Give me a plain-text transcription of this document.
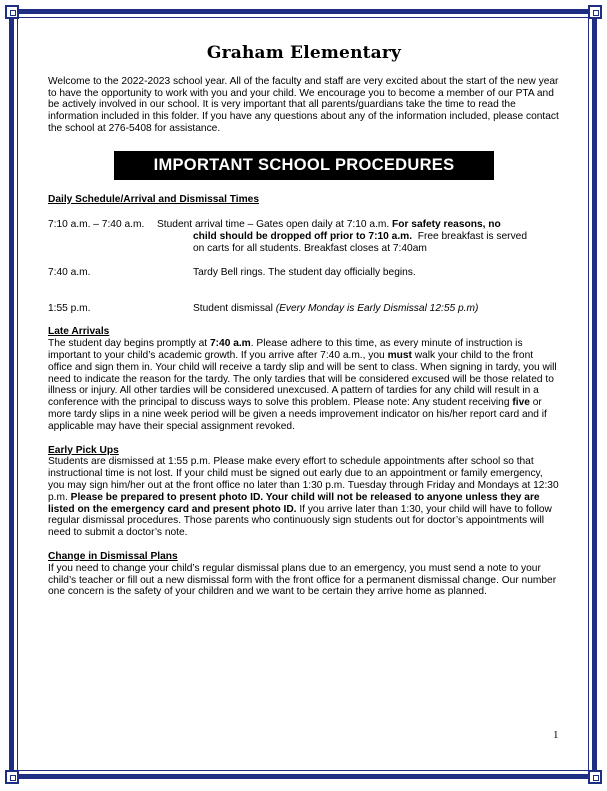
Graham Elementary

Welcome to the 2022-2023 school year. All of the faculty and staff are very excited about the start of the new year to have the opportunity to work with you and your child. We encourage you to become a member of our PTA and be actively involved in our school. It is very important that all parents/guardians take the time to read the information included in this folder. If you have any questions about any of the information included, please contact the school at 276-5408 for assistance.

IMPORTANT SCHOOL PROCEDURES
Daily Schedule/Arrival and Dismissal Times
7:10 a.m. – 7:40 a.m.	Student arrival time – Gates open daily at 7:10 a.m. For safety reasons, no
child should be dropped off prior to 7:10 a.m. Free breakfast is served
on carts for all students. Breakfast closes at 7:40am
7:40 a.m.	Tardy Bell rings. The student day officially begins.
1:55 p.m.	Student dismissal (Every Monday is Early Dismissal 12:55 p.m)
Late Arrivals

The student day begins promptly at 7:40 a.m. Please adhere to this time, as every minute of instruction is important to your child’s academic growth. If you arrive after 7:40 a.m., you must walk your child to the front office and sign them in. Your child will receive a tardy slip and will be sent to class. When signing in tardy, you will need to indicate the reason for the tardy. The only tardies that will be considered excused will be those related to illness or injury. All other tardies will be considered unexcused. A pattern of tardies for any child will result in a conference with the principal to discuss ways to solve this problem. Please note: Any student receiving five or more tardy slips in a nine week period will be given a needs improvement indicator on his/her report card and if applicable may have their special assignment revoked.

Early Pick Ups

Students are dismissed at 1:55 p.m. Please make every effort to schedule appointments after school so that instructional time is not lost. If your child must be signed out early due to an appointment or family emergency, you may sign him/her out at the front office no later than 1:30 p.m. Tuesday through Friday and Mondays at 12:30 p.m. Please be prepared to present photo ID. Your child will not be released to anyone unless they are listed on the emergency card and present photo ID. If you arrive later than 1:30, your child will have to follow regular dismissal procedures. Those parents who continuously sign students out for doctor’s appointments will need to submit a doctor’s note.

Change in Dismissal Plans

If you need to change your child’s regular dismissal plans due to an emergency, you must send a note to your child’s teacher or fill out a new dismissal form with the front office for a permanent dismissal change. Our number one concern is the safety of your children and we want to be certain they arrive home as planned.

1
